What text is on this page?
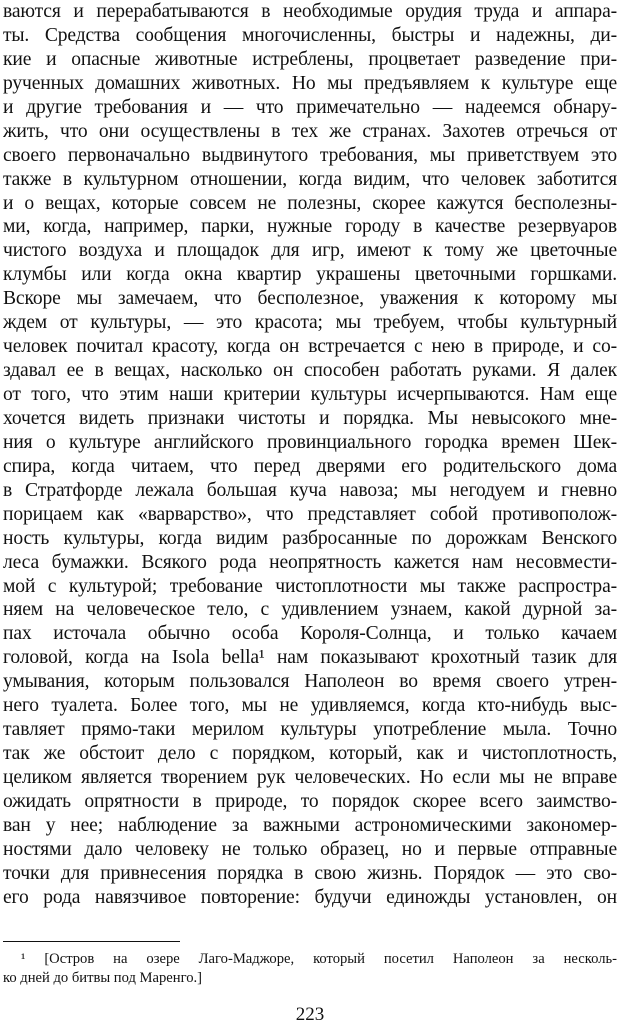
ваются и перерабатываются в необходимые орудия труда и аппара-
ты. Средства сообщения многочисленны, быстры и надежны, ди-
кие и опасные животные истреблены, процветает разведение при-
рученных домашних животных. Но мы предъявляем к культуре еще
и другие требования и — что примечательно — надеемся обнару-
жить, что они осуществлены в тех же странах. Захотев отречься от
своего первоначально выдвинутого требования, мы приветствуем это
также в культурном отношении, когда видим, что человек заботится
и о вещах, которые совсем не полезны, скорее кажутся бесполезны-
ми, когда, например, парки, нужные городу в качестве резервуаров
чистого воздуха и площадок для игр, имеют к тому же цветочные
клумбы или когда окна квартир украшены цветочными горшками.
Вскоре мы замечаем, что бесполезное, уважения к которому мы
ждем от культуры, — это красота; мы требуем, чтобы культурный
человек почитал красоту, когда он встречается с нею в природе, и со-
здавал ее в вещах, насколько он способен работать руками. Я далек
от того, что этим наши критерии культуры исчерпываются. Нам еще
хочется видеть признаки чистоты и порядка. Мы невысокого мне-
ния о культуре английского провинциального городка времен Шек-
спира, когда читаем, что перед дверями его родительского дома
в Стратфорде лежала большая куча навоза; мы негодуем и гневно
порицаем как «варварство», что представляет собой противополож-
ность культуры, когда видим разбросанные по дорожкам Венского
леса бумажки. Всякого рода неопрятность кажется нам несовмести-
мой с культурой; требование чистоплотности мы также распростра-
няем на человеческое тело, с удивлением узнаем, какой дурной за-
пах источала обычно особа Короля-Солнца, и только качаем
головой, когда на Isola bella¹ нам показывают крохотный тазик для
умывания, которым пользовался Наполеон во время своего утрен-
него туалета. Более того, мы не удивляемся, когда кто-нибудь выс-
тавляет прямо-таки мерилом культуры употребление мыла. Точно
так же обстоит дело с порядком, который, как и чистоплотность,
целиком является творением рук человеческих. Но если мы не вправе
ожидать опрятности в природе, то порядок скорее всего заимство-
ван у нее; наблюдение за важными астрономическими закономер-
ностями дало человеку не только образец, но и первые отправные
точки для привнесения порядка в свою жизнь. Порядок — это сво-
его рода навязчивое повторение: будучи единожды установлен, он
¹ [Остров на озере Лаго-Маджоре, который посетил Наполеон за несколь-
ко дней до битвы под Маренго.]
223
